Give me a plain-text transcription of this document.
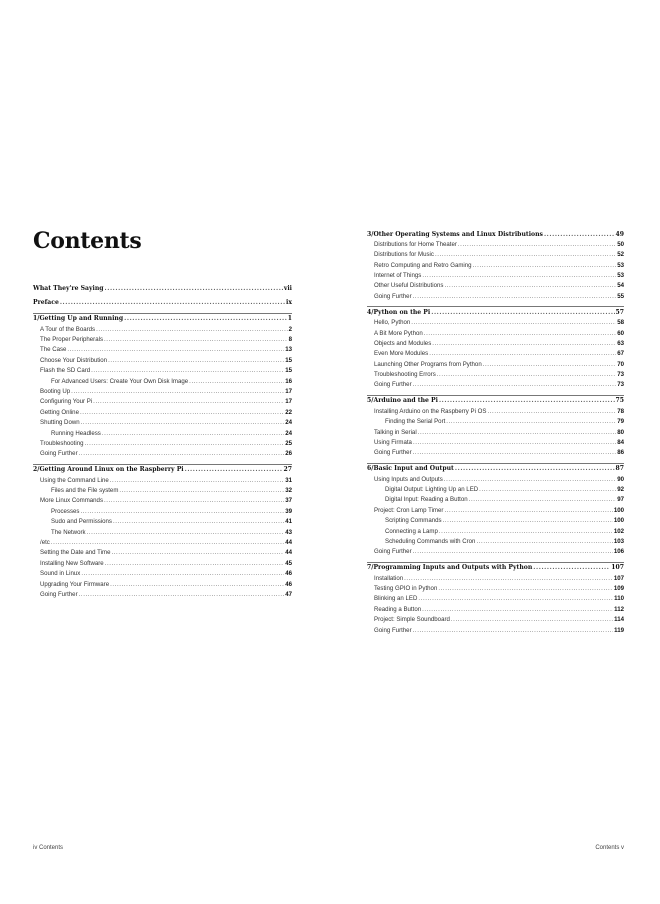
Contents
What They're Saying .....	vii
Preface .....	ix
1/Getting Up and Running .....	1
A Tour of the Boards .....	2
The Proper Peripherals .....	8
The Case .....	13
Choose Your Distribution .....	15
Flash the SD Card .....	15
For Advanced Users: Create Your Own Disk Image .....	16
Booting Up .....	17
Configuring Your Pi .....	17
Getting Online .....	22
Shutting Down .....	24
Running Headless .....	24
Troubleshooting .....	25
Going Further .....	26
2/Getting Around Linux on the Raspberry Pi .....	27
Using the Command Line .....	31
Files and the File system .....	32
More Linux Commands .....	37
Processes .....	39
Sudo and Permissions .....	41
The Network .....	43
/etc .....	44
Setting the Date and Time .....	44
Installing New Software .....	45
Sound in Linux .....	46
Upgrading Your Firmware .....	46
Going Further .....	47
iv Contents
3/Other Operating Systems and Linux Distributions .....	49
Distributions for Home Theater .....	50
Distributions for Music .....	52
Retro Computing and Retro Gaming .....	53
Internet of Things .....	53
Other Useful Distributions .....	54
Going Further .....	55
4/Python on the Pi .....	57
Hello, Python .....	58
A Bit More Python .....	60
Objects and Modules .....	63
Even More Modules .....	67
Launching Other Programs from Python .....	70
Troubleshooting Errors .....	73
Going Further .....	73
5/Arduino and the Pi .....	75
Installing Arduino on the Raspberry Pi OS .....	78
Finding the Serial Port .....	79
Talking in Serial .....	80
Using Firmata .....	84
Going Further .....	86
6/Basic Input and Output .....	87
Using Inputs and Outputs .....	90
Digital Output: Lighting Up an LED .....	92
Digital Input: Reading a Button .....	97
Project: Cron Lamp Timer .....	100
Scripting Commands .....	100
Connecting a Lamp .....	102
Scheduling Commands with Cron .....	103
Going Further .....	106
7/Programming Inputs and Outputs with Python .....	107
Installation .....	107
Testing GPIO in Python .....	109
Blinking an LED .....	110
Reading a Button .....	112
Project: Simple Soundboard .....	114
Going Further .....	119
Contents v
